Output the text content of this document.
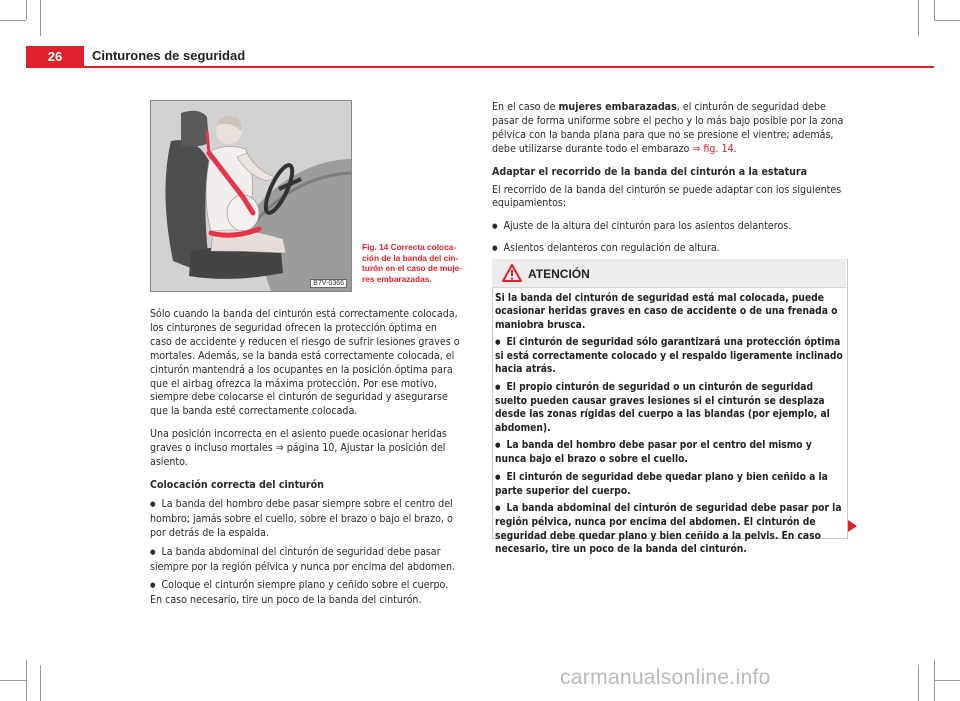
26	Cinturones de seguridad
B7V-0366
Fig. 14 Correcta colocación de la banda del cinturón en el caso de mujeres embarazadas.

Sólo cuando la banda del cinturón está correctamente colocada, los cinturones de seguridad ofrecen la protección óptima en caso de accidente y reducen el riesgo de sufrir lesiones graves o mortales. Además, se la banda está correctamente colocada, el cinturón mantendrá a los ocupantes en la posición óptima para que el airbag ofrezca la máxima protección. Por ese motivo, siempre debe colocarse el cinturón de seguridad y asegurarse que la banda esté correctamente colocada.

Una posición incorrecta en el asiento puede ocasionar heridas graves o incluso mortales ⇒ página 10, Ajustar la posición del asiento.

Colocación correcta del cinturón

● La banda del hombro debe pasar siempre sobre el centro del hombro; jamás sobre el cuello, sobre el brazo o bajo el brazo, o por detrás de la espalda.

● La banda abdominal del cinturón de seguridad debe pasar siempre por la región pélvica y nunca por encima del abdomen.

● Coloque el cinturón siempre plano y ceñido sobre el cuerpo. En caso necesario, tire un poco de la banda del cinturón.

En el caso de mujeres embarazadas, el cinturón de seguridad debe pasar de forma uniforme sobre el pecho y lo más bajo posible por la zona pélvica con la banda plana para que no se presione el vientre; además, debe utilizarse durante todo el embarazo ⇒ fig. 14.

Adaptar el recorrido de la banda del cinturón a la estatura

El recorrido de la banda del cinturón se puede adaptar con los siguientes equipamientos:

● Ajuste de la altura del cinturón para los asientos delanteros.

● Asientos delanteros con regulación de altura.

ATENCIÓN

Si la banda del cinturón de seguridad está mal colocada, puede ocasionar heridas graves en caso de accidente o de una frenada o maniobra brusca.

● El cinturón de seguridad sólo garantizará una protección óptima si está correctamente colocado y el respaldo ligeramente inclinado hacia atrás.

● El propio cinturón de seguridad o un cinturón de seguridad suelto pueden causar graves lesiones si el cinturón se desplaza desde las zonas rígidas del cuerpo a las blandas (por ejemplo, al abdomen).

● La banda del hombro debe pasar por el centro del mismo y nunca bajo el brazo o sobre el cuello.

● El cinturón de seguridad debe quedar plano y bien ceñido a la parte superior del cuerpo.

● La banda abdominal del cinturón de seguridad debe pasar por la región pélvica, nunca por encima del abdomen. El cinturón de seguridad debe quedar plano y bien ceñido a la pelvis. En caso necesario, tire un poco de la banda del cinturón.

carmanualsonline.info
